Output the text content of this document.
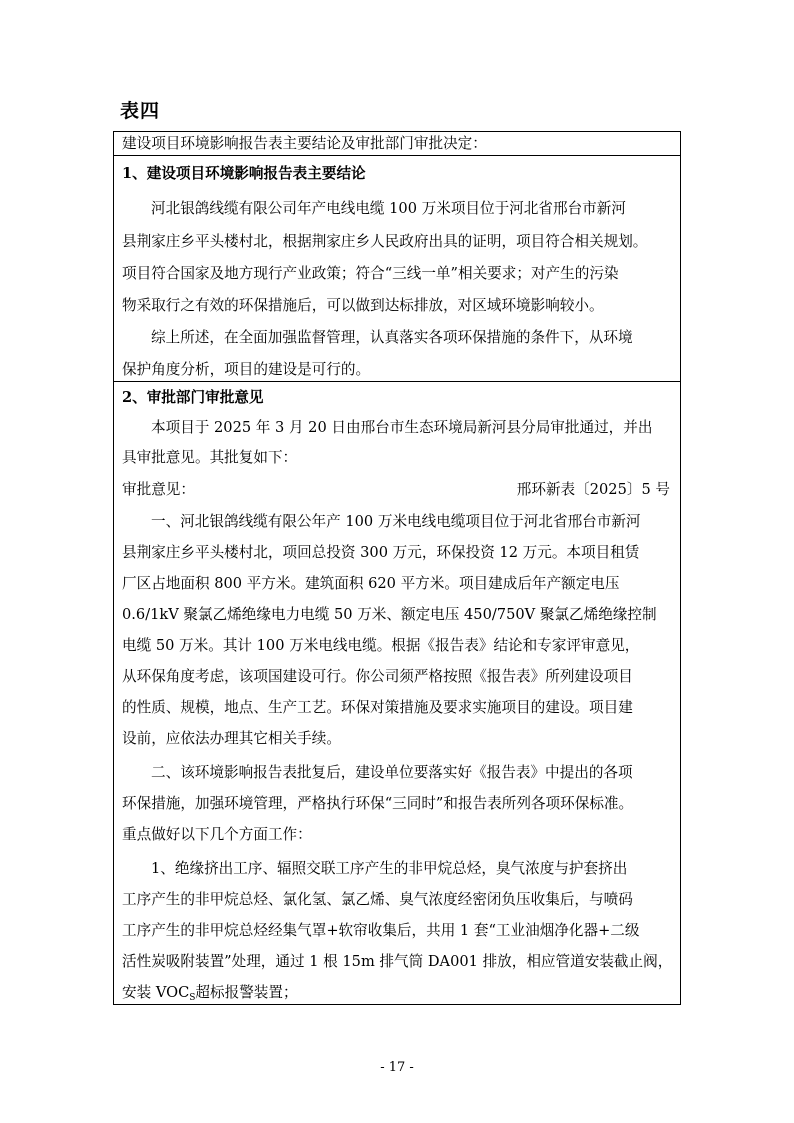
表四
建设项目环境影响报告表主要结论及审批部门审批决定：
1、建设项目环境影响报告表主要结论
河北银鸽线缆有限公司年产电线电缆 100 万米项目位于河北省邢台市新河
县荆家庄乡平头楼村北，根据荆家庄乡人民政府出具的证明，项目符合相关规划。
项目符合国家及地方现行产业政策；符合“三线一单”相关要求；对产生的污染
物采取行之有效的环保措施后，可以做到达标排放，对区域环境影响较小。
综上所述，在全面加强监督管理，认真落实各项环保措施的条件下，从环境
保护角度分析，项目的建设是可行的。
2、审批部门审批意见
本项目于 2025 年 3 月 20 日由邢台市生态环境局新河县分局审批通过，并出
具审批意见。其批复如下：
审批意见：	邢环新表〔2025〕5 号
一、河北银鸽线缆有限公年产 100 万米电线电缆项目位于河北省邢台市新河
县荆家庄乡平头楼村北，项回总投资 300 万元，环保投资 12 万元。本项目租赁
厂区占地面积 800 平方米。建筑面积 620 平方米。项目建成后年产额定电压
0.6/1kV 聚氯乙烯绝缘电力电缆 50 万米、额定电压 450/750V 聚氯乙烯绝缘控制
电缆 50 万米。其计 100 万米电线电缆。根据《报告表》结论和专家评审意见，
从环保角度考虑，该项国建设可行。你公司须严格按照《报告表》所列建设项目
的性质、规模，地点、生产工艺。环保对策措施及要求实施项目的建设。项目建
设前，应依法办理其它相关手续。
二、该环境影响报告表批复后，建设单位要落实好《报告表》中提出的各项
环保措施，加强环境管理，严格执行环保“三同时”和报告表所列各项环保标准。
重点做好以下几个方面工作：
1、绝缘挤出工序、辐照交联工序产生的非甲烷总烃，臭气浓度与护套挤出
工序产生的非甲烷总烃、氯化氢、氯乙烯、臭气浓度经密闭负压收集后，与喷码
工序产生的非甲烷总烃经集气罩+软帘收集后，共用 1 套“工业油烟净化器+二级
活性炭吸附装置”处理，通过 1 根 15m 排气筒 DA001 排放，相应管道安装截止阀，
安装 $VOC_S$超标报警装置；
- 17 -
